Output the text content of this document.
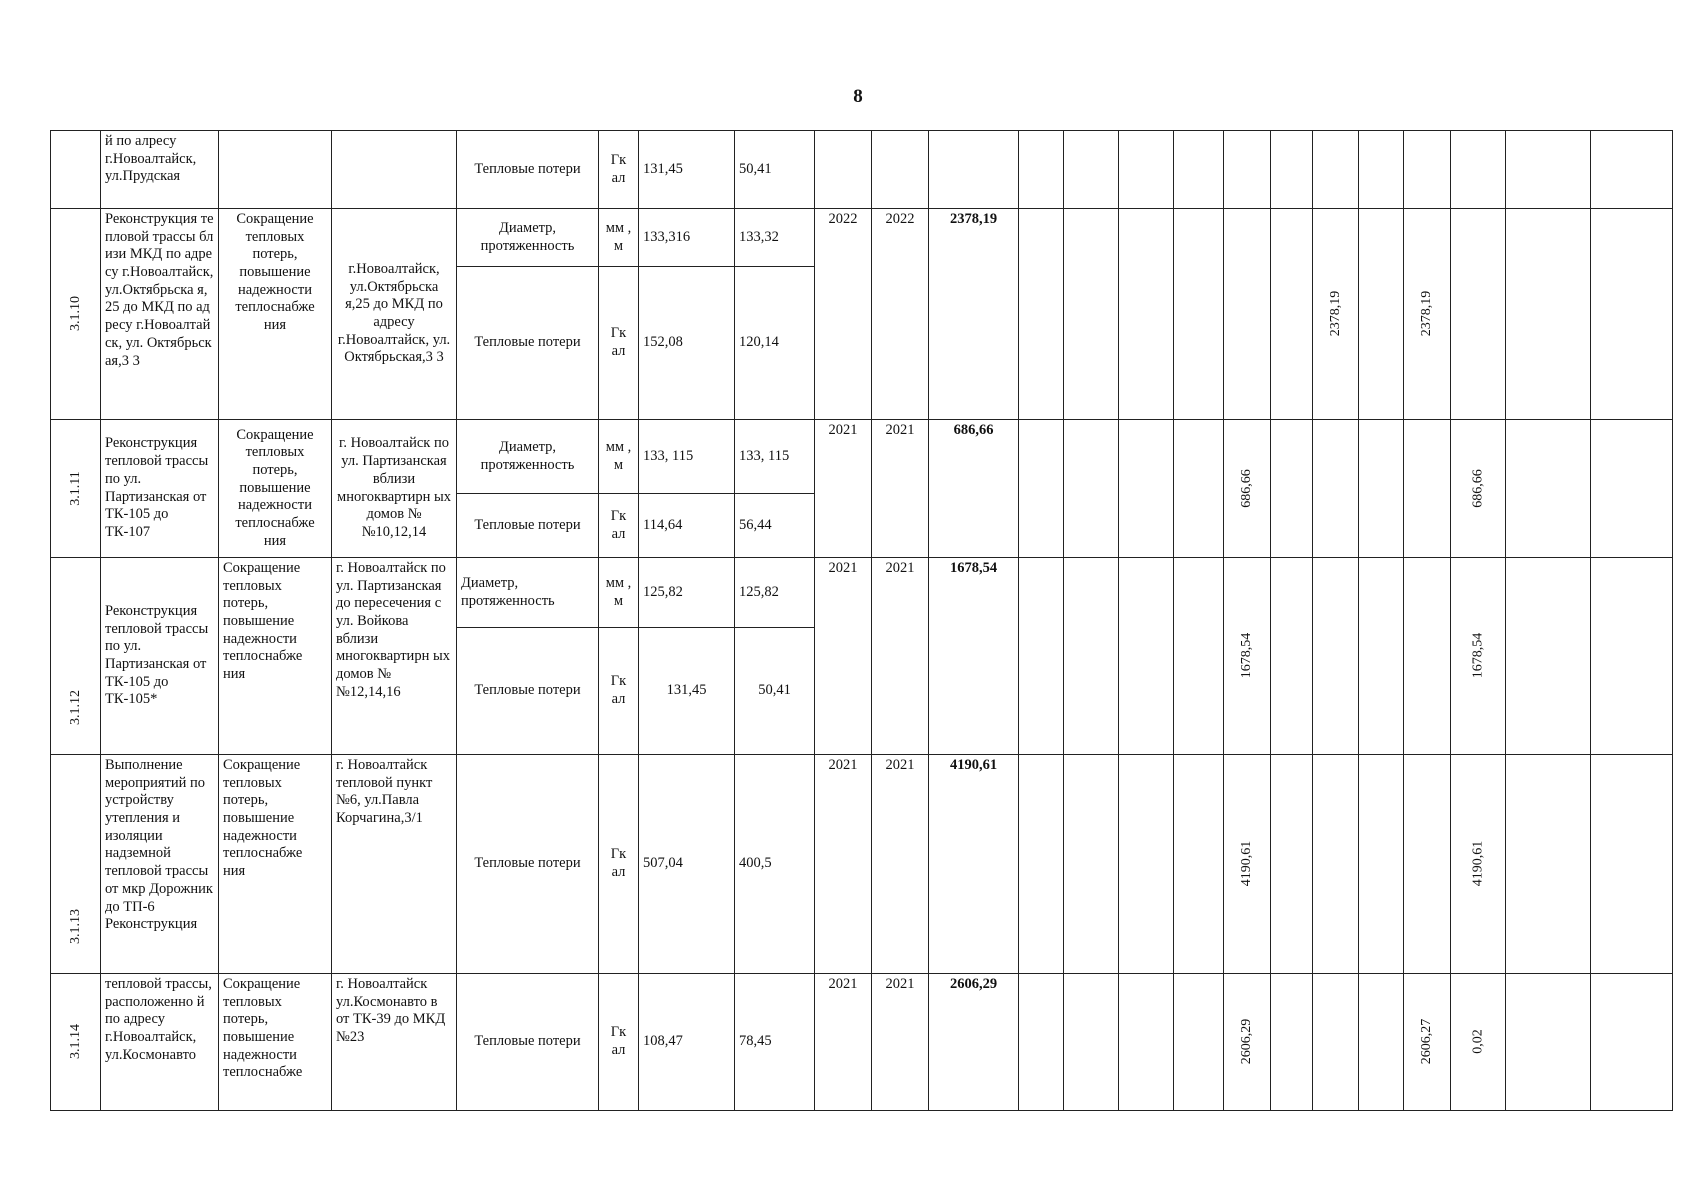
8
	й по алресу г.Новоалтайск, ул.Прудская			Тепловые потери	Гк ал	131,45	50,41															

3.1.10	Реконструкция тепловой трассы близи МКД по адресу г.Новоалтайск, ул.Октябрьска я,25 до МКД по адресу г.Новоалтайск, ул. Октябрьская,3 3	Сокращение тепловых потерь, повышение надежности теплоснабже ния	г.Новоалтайск, ул.Октябрьска я,25 до МКД по адресу г.Новоалтайск, ул. Октябрьская,3 3	Диаметр, протяженность	мм , м	133,316	133,32	2022	2022	2378,19							2378,19		2378,19			

				Тепловые потери	Гк ал	152,08	120,14															

3.1.11	Реконструкция тепловой трассы по ул. Партизанская от ТК-105 до ТК-107	Сокращение тепловых потерь, повышение надежности теплоснабже ния	г. Новоалтайск по ул. Партизанская вблизи многоквартирн ых домов №№10,12,14	Диаметр, протяженность	мм , м	133, 115	133, 115	2021	2021	686,66					686,66					686,66		

				Тепловые потери	Гк ал	114,64	56,44															

3.1.12	Реконструкция тепловой трассы по ул. Партизанская от ТК-105 до ТК-105*	Сокращение тепловых потерь, повышение надежности теплоснабже ния	г. Новоалтайск по ул. Партизанская до пересечения с ул. Войкова вблизи многоквартирн ых домов №№12,14,16	Диаметр, протяженность	мм , м	125,82	125,82	2021	2021	1678,54					1678,54					1678,54		

				Тепловые потери	Гк ал	131,45	50,41															

3.1.13	Выполнение мероприятий по устройству утепления и изоляции надземной тепловой трассы от мкр Дорожник до ТП-6 Реконструкция	Сокращение тепловых потерь, повышение надежности теплоснабже ния	г. Новоалтайск тепловой пункт №6, ул.Павла Корчагина,3/1	Тепловые потери	Гк ал	507,04	400,5	2021	2021	4190,61					4190,61					4190,61		

3.1.14	тепловой трассы, расположенно й по адресу г.Новоалтайск, ул.Космонавто	Сокращение тепловых потерь, повышение надежности теплоснабже	г. Новоалтайск ул.Космонавто в от ТК-39 до МКД №23	Тепловые потери	Гк ал	108,47	78,45	2021	2021	2606,29					2606,29				2606,27	0,02		
